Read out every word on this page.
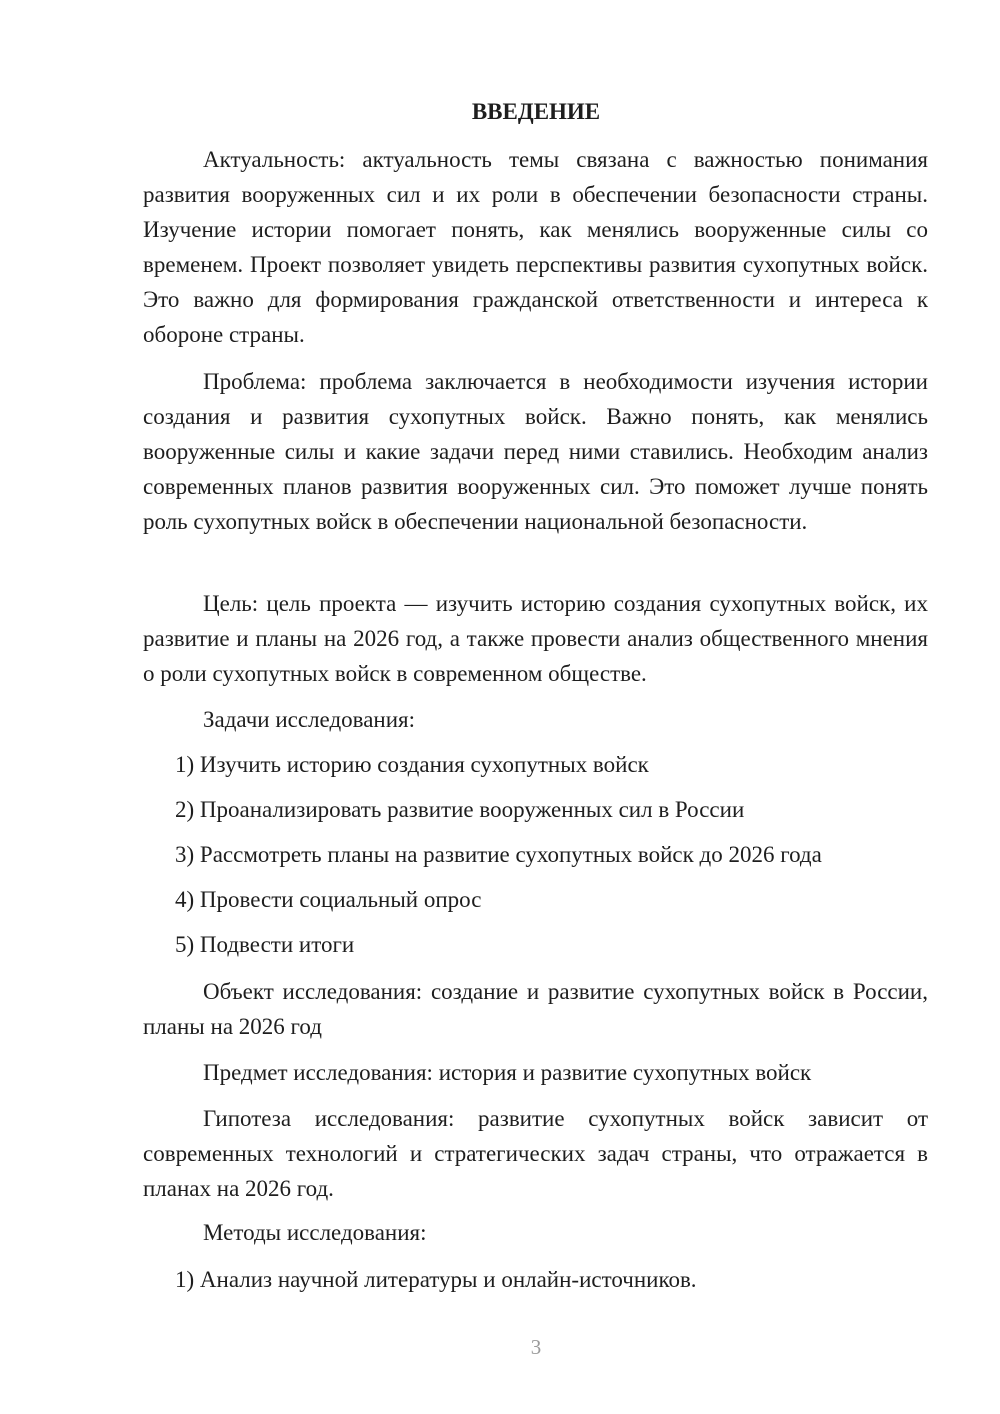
ВВЕДЕНИЕ

Актуальность: актуальность темы связана с важностью понимания развития вооруженных сил и их роли в обеспечении безопасности страны. Изучение истории помогает понять, как менялись вооруженные силы со временем. Проект позволяет увидеть перспективы развития сухопутных войск. Это важно для формирования гражданской ответственности и интереса к обороне страны.

Проблема: проблема заключается в необходимости изучения истории создания и развития сухопутных войск. Важно понять, как менялись вооруженные силы и какие задачи перед ними ставились. Необходим анализ современных планов развития вооруженных сил. Это поможет лучше понять роль сухопутных войск в обеспечении национальной безопасности.

Цель: цель проекта — изучить историю создания сухопутных войск, их развитие и планы на 2026 год, а также провести анализ общественного мнения о роли сухопутных войск в современном обществе.

Задачи исследования:

1) Изучить историю создания сухопутных войск

2) Проанализировать развитие вооруженных сил в России

3) Рассмотреть планы на развитие сухопутных войск до 2026 года

4) Провести социальный опрос

5) Подвести итоги

Объект исследования: создание и развитие сухопутных войск в России, планы на 2026 год

Предмет исследования: история и развитие сухопутных войск

Гипотеза исследования: развитие сухопутных войск зависит от современных технологий и стратегических задач страны, что отражается в планах на 2026 год.

Методы исследования:

1) Анализ научной литературы и онлайн-источников.

3
